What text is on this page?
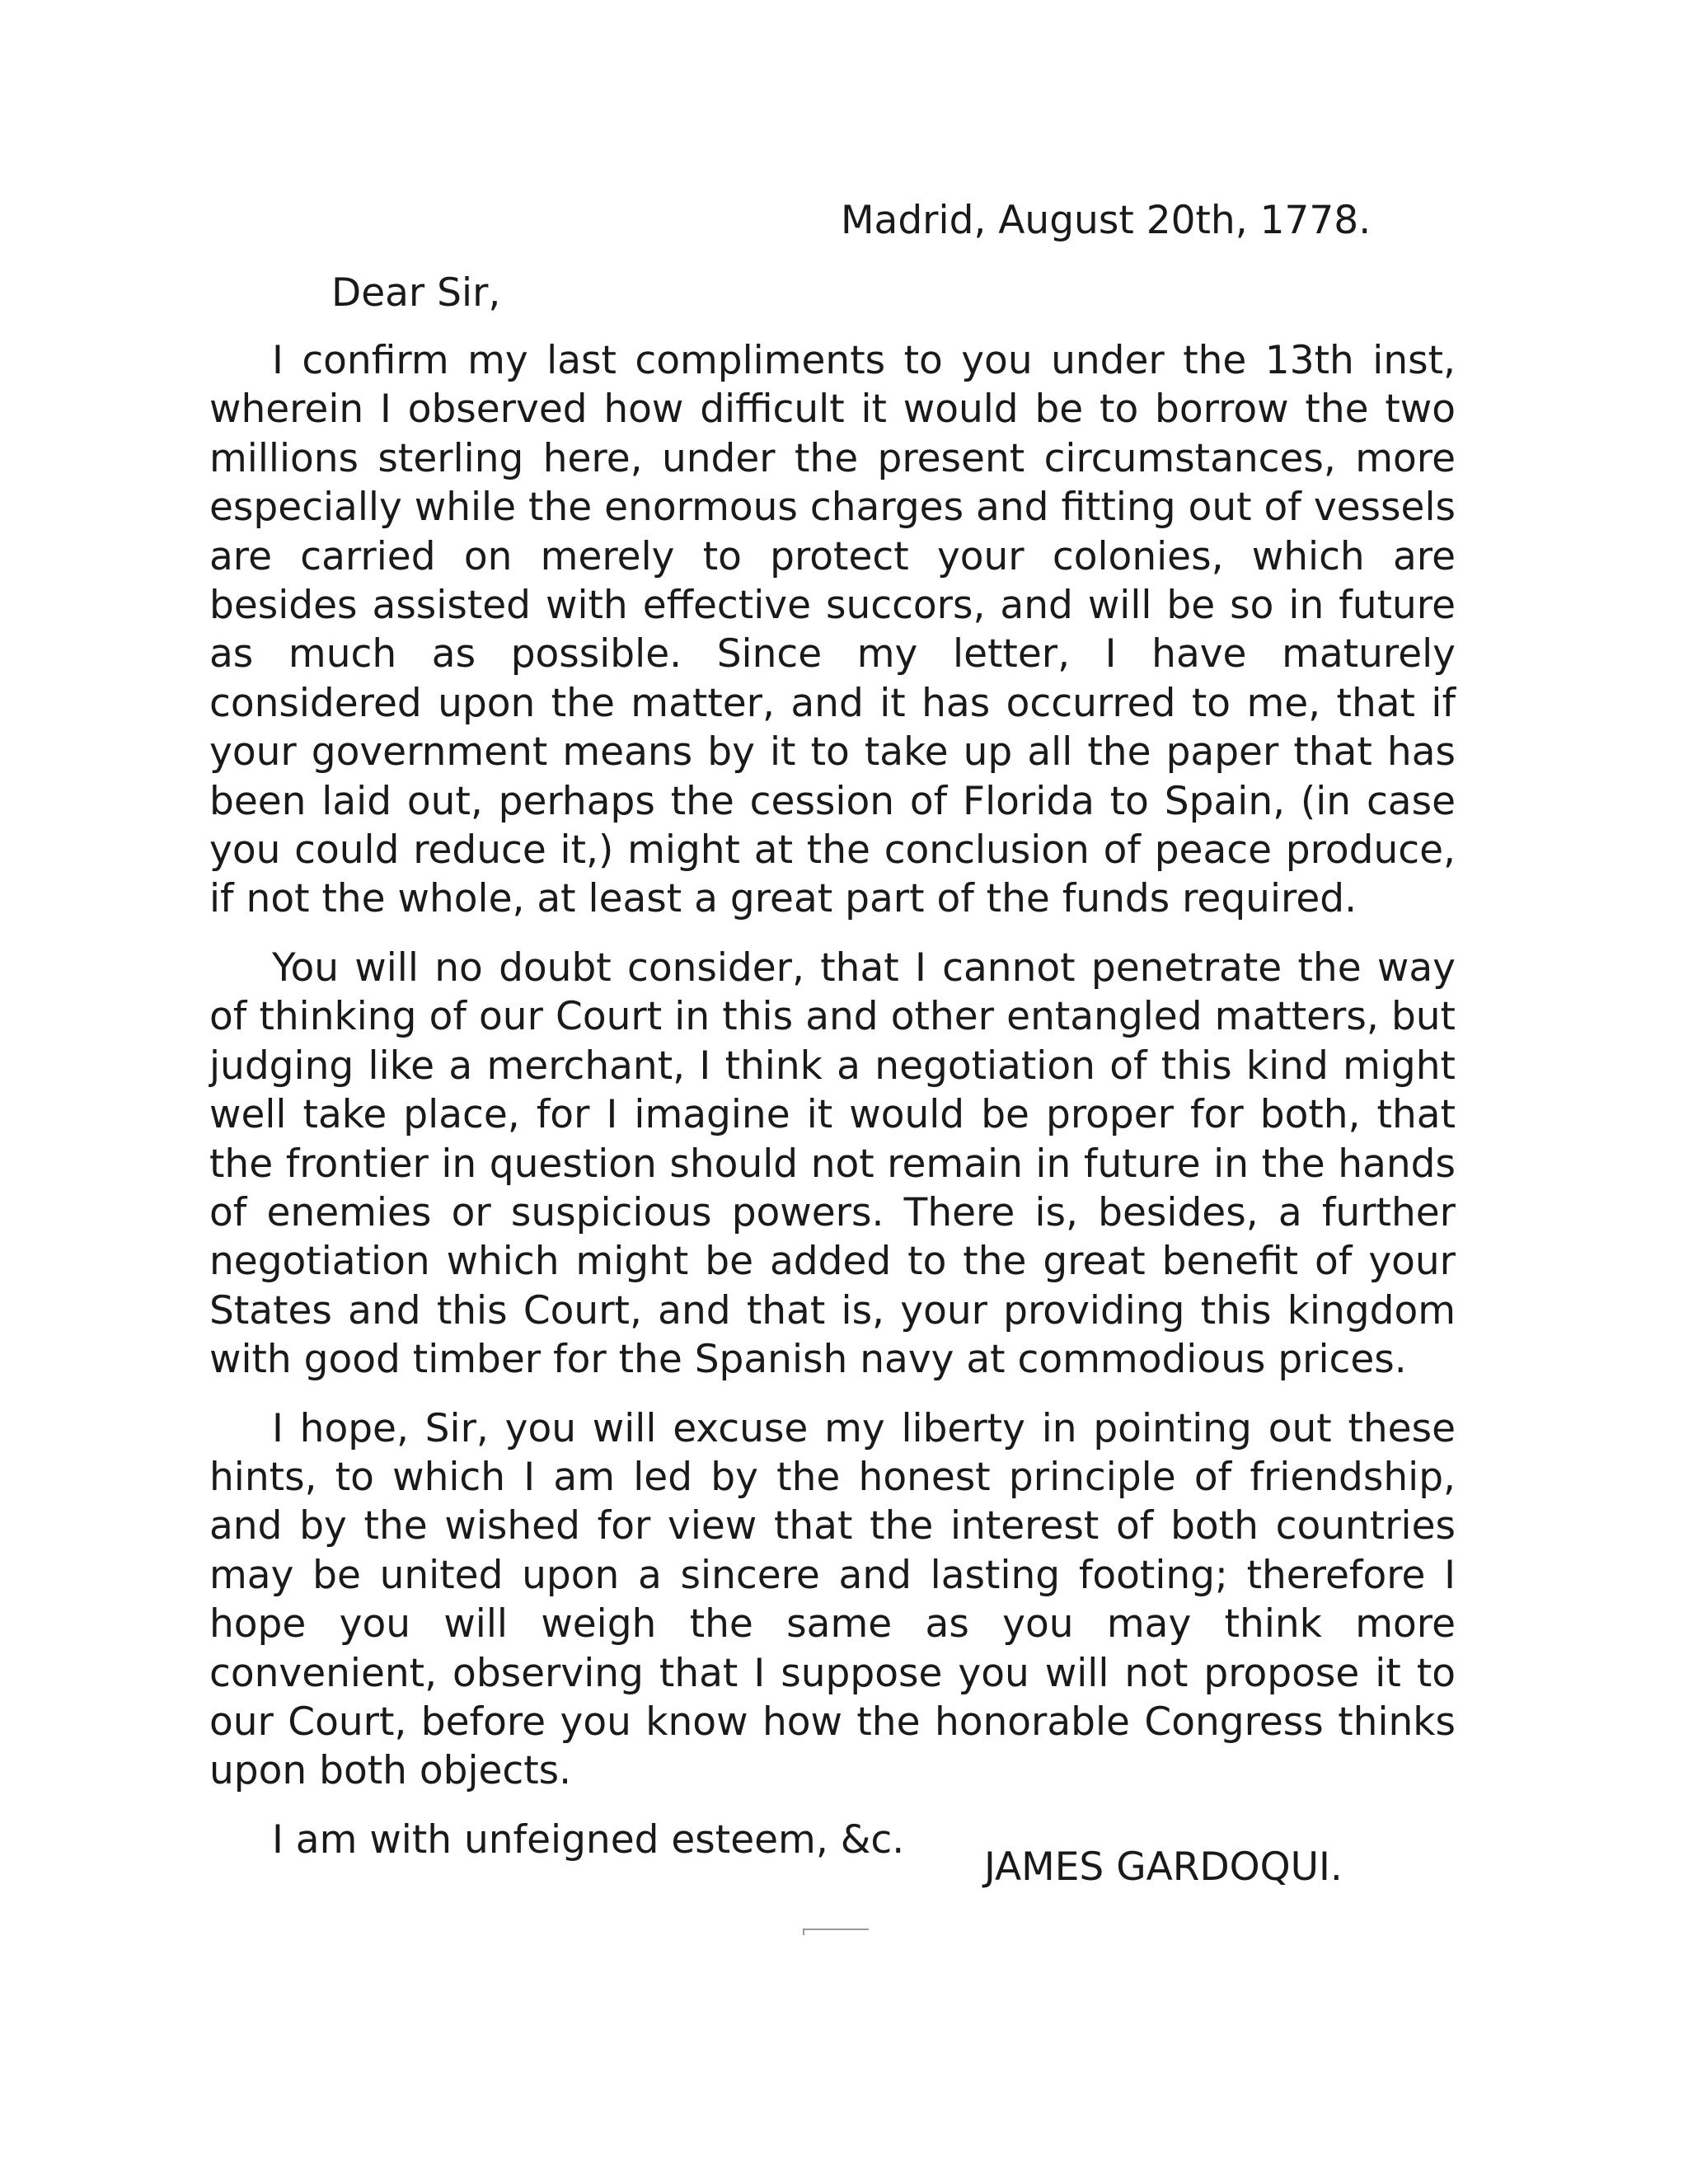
Madrid, August 20th, 1778.
Dear Sir,

I confirm my last compliments to you under the 13th inst, wherein I observed how difficult it would be to borrow the two millions sterling here, under the present circumstances, more especially while the enormous charges and fitting out of vessels are carried on merely to protect your colonies, which are besides assisted with effective succors, and will be so in future as much as possible. Since my letter, I have maturely considered upon the matter, and it has occurred to me, that if your government means by it to take up all the paper that has been laid out, perhaps the cession of Florida to Spain, (in case you could reduce it,) might at the conclusion of peace produce, if not the whole, at least a great part of the funds required.

You will no doubt consider, that I cannot penetrate the way of thinking of our Court in this and other entangled matters, but judging like a merchant, I think a negotiation of this kind might well take place, for I imagine it would be proper for both, that the frontier in question should not remain in future in the hands of enemies or suspicious powers. There is, besides, a further negotiation which might be added to the great benefit of your States and this Court, and that is, your providing this kingdom with good timber for the Spanish navy at commodious prices.

I hope, Sir, you will excuse my liberty in pointing out these hints, to which I am led by the honest principle of friendship, and by the wished for view that the interest of both countries may be united upon a sincere and lasting footing; therefore I hope you will weigh the same as you may think more convenient, observing that I suppose you will not propose it to our Court, before you know how the honorable Congress thinks upon both objects.

I am with unfeigned esteem, &c.

JAMES GARDOQUI.
